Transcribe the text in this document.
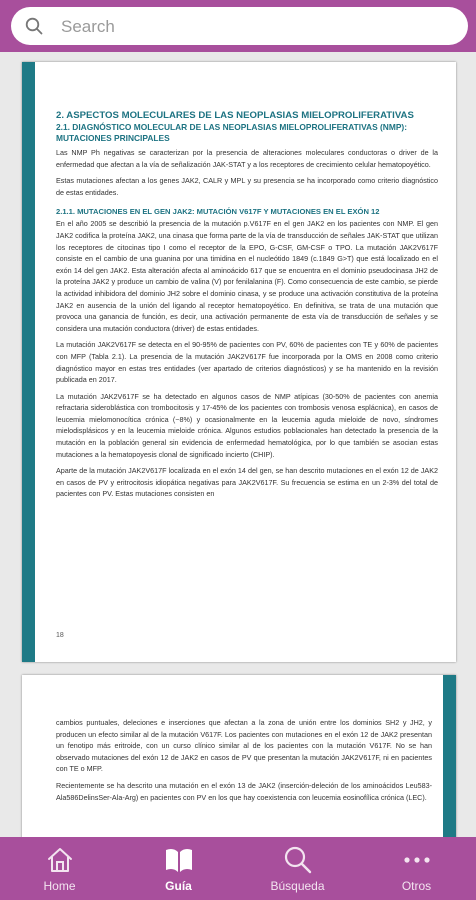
Search

2. ASPECTOS MOLECULARES DE LAS NEOPLASIAS MIELOPROLIFERATIVAS

2.1. DIAGNÓSTICO MOLECULAR DE LAS NEOPLASIAS MIELOPROLIFERATIVAS (NMP): MUTACIONES PRINCIPALES

Las NMP Ph negativas se caracterizan por la presencia de alteraciones moleculares conductoras o driver de la enfermedad que afectan a la vía de señalización JAK-STAT y a los receptores de crecimiento celular hematopoyético.

Estas mutaciones afectan a los genes JAK2, CALR y MPL y su presencia se ha incorporado como criterio diagnóstico de estas entidades.

2.1.1. MUTACIONES EN EL GEN JAK2: MUTACIÓN V617F Y MUTACIONES EN EL EXÓN 12

En el año 2005 se describió la presencia de la mutación p.V617F en el gen JAK2 en los pacientes con NMP. El gen JAK2 codifica la proteína JAK2, una cinasa que forma parte de la vía de transducción de señales JAK-STAT que utilizan los receptores de citocinas tipo I como el receptor de la EPO, G-CSF, GM-CSF o TPO. La mutación JAK2V617F consiste en el cambio de una guanina por una timidina en el nucleótido 1849 (c.1849 G>T) que está localizado en el exón 14 del gen JAK2. Esta alteración afecta al aminoácido 617 que se encuentra en el dominio pseudocinasa JH2 de la proteína JAK2 y produce un cambio de valina (V) por fenilalanina (F). Como consecuencia de este cambio, se pierde la actividad inhibidora del dominio JH2 sobre el dominio cinasa, y se produce una activación constitutiva de la proteína JAK2 en ausencia de la unión del ligando al receptor hematopoyético. En definitiva, se trata de una mutación que provoca una ganancia de función, es decir, una activación permanente de esta vía de transducción de señales y se considera una mutación conductora (driver) de estas entidades.

La mutación JAK2V617F se detecta en el 90-95% de pacientes con PV, 60% de pacientes con TE y 60% de pacientes con MFP (Tabla 2.1). La presencia de la mutación JAK2V617F fue incorporada por la OMS en 2008 como criterio diagnóstico mayor en estas tres entidades (ver apartado de criterios diagnósticos) y se ha mantenido en la revisión publicada en 2017.

La mutación JAK2V617F se ha detectado en algunos casos de NMP atípicas (30-50% de pacientes con anemia refractaria sideroblástica con trombocitosis y 17-45% de los pacientes con trombosis venosa esplácnica), en casos de leucemia mielomonocítica crónica (~8%) y ocasionalmente en la leucemia aguda mieloide de novo, síndromes mielodisplásicos y en la leucemia mieloide crónica. Algunos estudios poblacionales han detectado la presencia de la mutación en la población general sin evidencia de enfermedad hematológica, por lo que también se asocian estas mutaciones a la hematopoyesis clonal de significado incierto (CHIP).

Aparte de la mutación JAK2V617F localizada en el exón 14 del gen, se han descrito mutaciones en el exón 12 de JAK2 en casos de PV y eritrocitosis idiopática negativas para JAK2V617F. Su frecuencia se estima en un 2-3% del total de pacientes con PV. Estas mutaciones consisten en

18

cambios puntuales, deleciones e inserciones que afectan a la zona de unión entre los dominios SH2 y JH2, y producen un efecto similar al de la mutación V617F. Los pacientes con mutaciones en el exón 12 de JAK2 presentan un fenotipo más eritroide, con un curso clínico similar al de los pacientes con la mutación V617F. No se han observado mutaciones del exón 12 de JAK2 en casos de PV que presentan la mutación JAK2V617F, ni en pacientes con TE o MFP.

Recientemente se ha descrito una mutación en el exón 13 de JAK2 (inserción-deleción de los aminoácidos Leu583-Ala586DelinsSer-Ala-Arg) en pacientes con PV en los que hay coexistencia con leucemia eosinofílica crónica (LEC).

Home	Guía	Búsqueda	Otros
